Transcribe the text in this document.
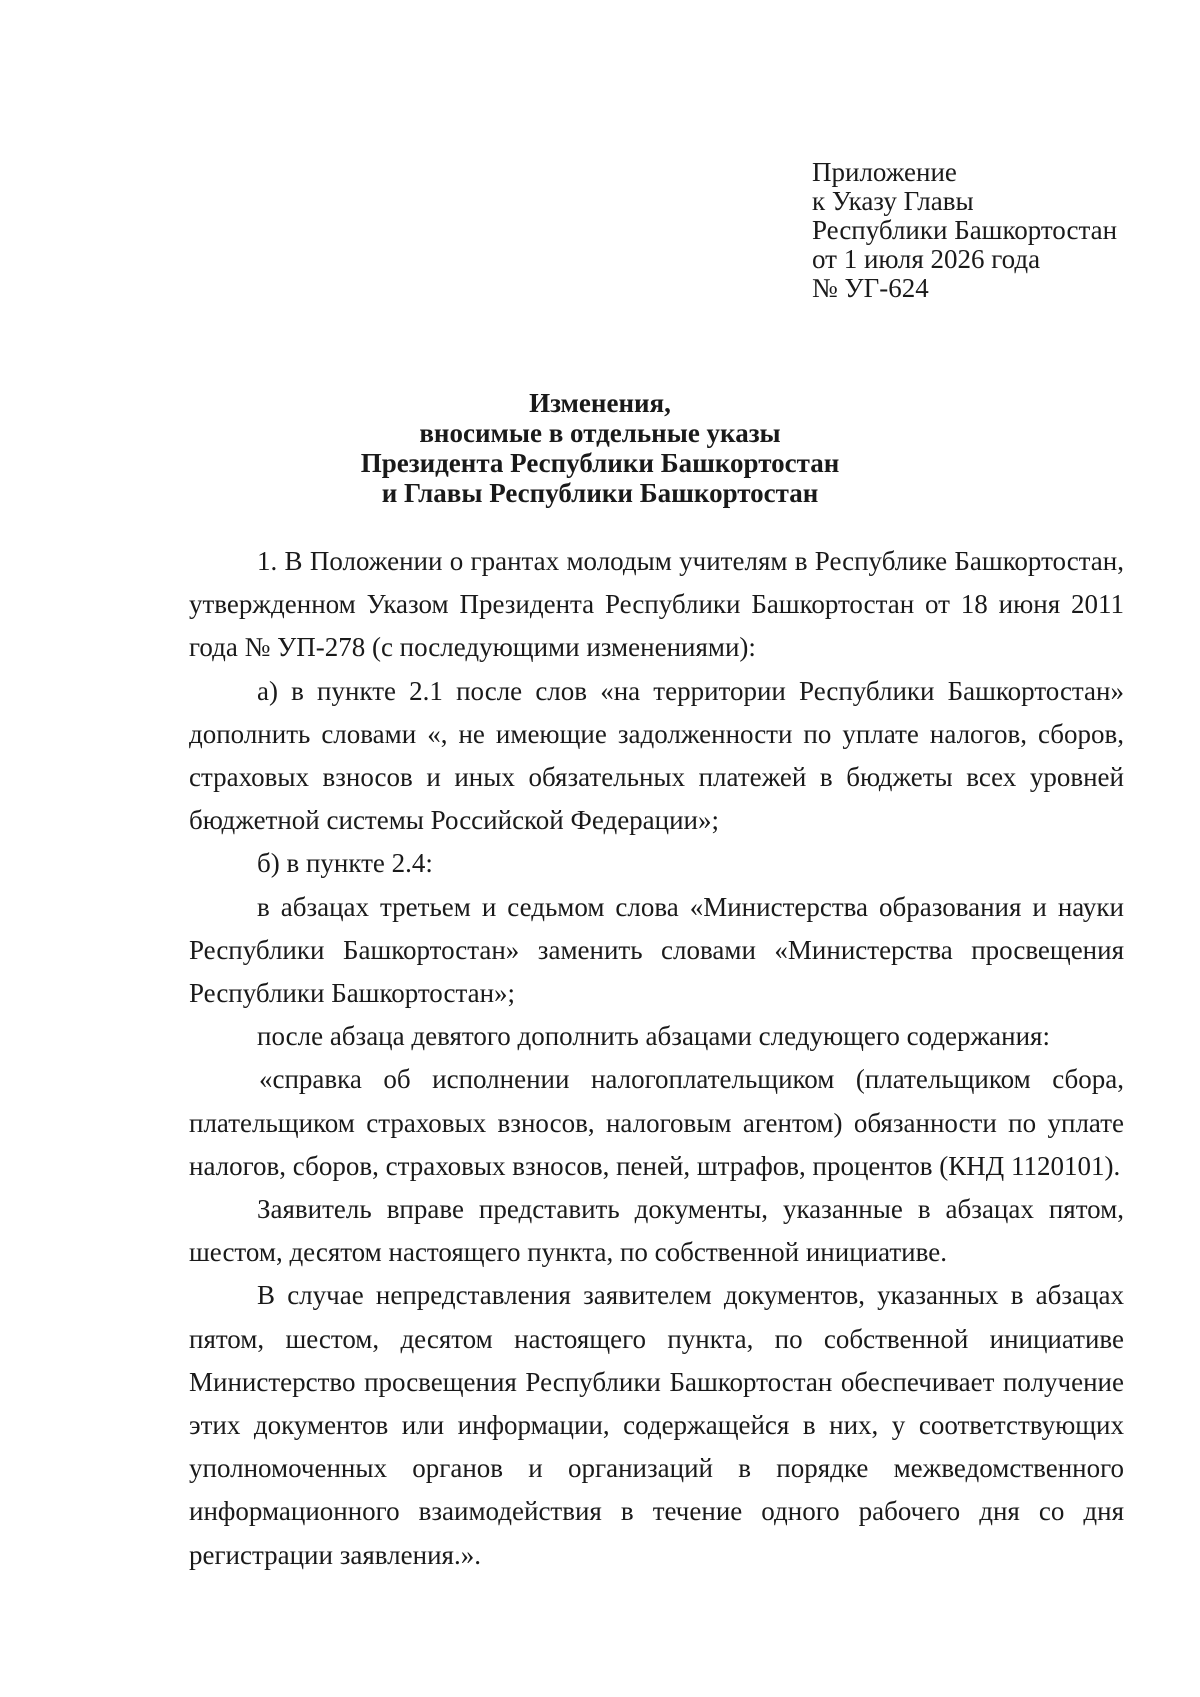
Приложение
к Указу Главы
Республики Башкортостан
от 1 июля 2026 года
№ УГ-624
Изменения,
вносимые в отдельные указы
Президента Республики Башкортостан
и Главы Республики Башкортостан

1. В Положении о грантах молодым учителям в Республике Башкортостан, утвержденном Указом Президента Республики Башкортостан от 18 июня 2011 года № УП-278 (с последующими изменениями):

а) в пункте 2.1 после слов «на территории Республики Башкортостан» дополнить словами «, не имеющие задолженности по уплате налогов, сборов, страховых взносов и иных обязательных платежей в бюджеты всех уровней бюджетной системы Российской Федерации»;

б) в пункте 2.4:

в абзацах третьем и седьмом слова «Министерства образования и науки Республики Башкортостан» заменить словами «Министерства просвещения Республики Башкортостан»;

после абзаца девятого дополнить абзацами следующего содержания:

«справка об исполнении налогоплательщиком (плательщиком сбора, плательщиком страховых взносов, налоговым агентом) обязанности по уплате налогов, сборов, страховых взносов, пеней, штрафов, процентов (КНД 1120101).

Заявитель вправе представить документы, указанные в абзацах пятом, шестом, десятом настоящего пункта, по собственной инициативе.

В случае непредставления заявителем документов, указанных в абзацах пятом, шестом, десятом настоящего пункта, по собственной инициативе Министерство просвещения Республики Башкортостан обеспечивает получение этих документов или информации, содержащейся в них, у соответствующих уполномоченных органов и организаций в порядке межведомственного информационного взаимодействия в течение одного рабочего дня со дня регистрации заявления.».
